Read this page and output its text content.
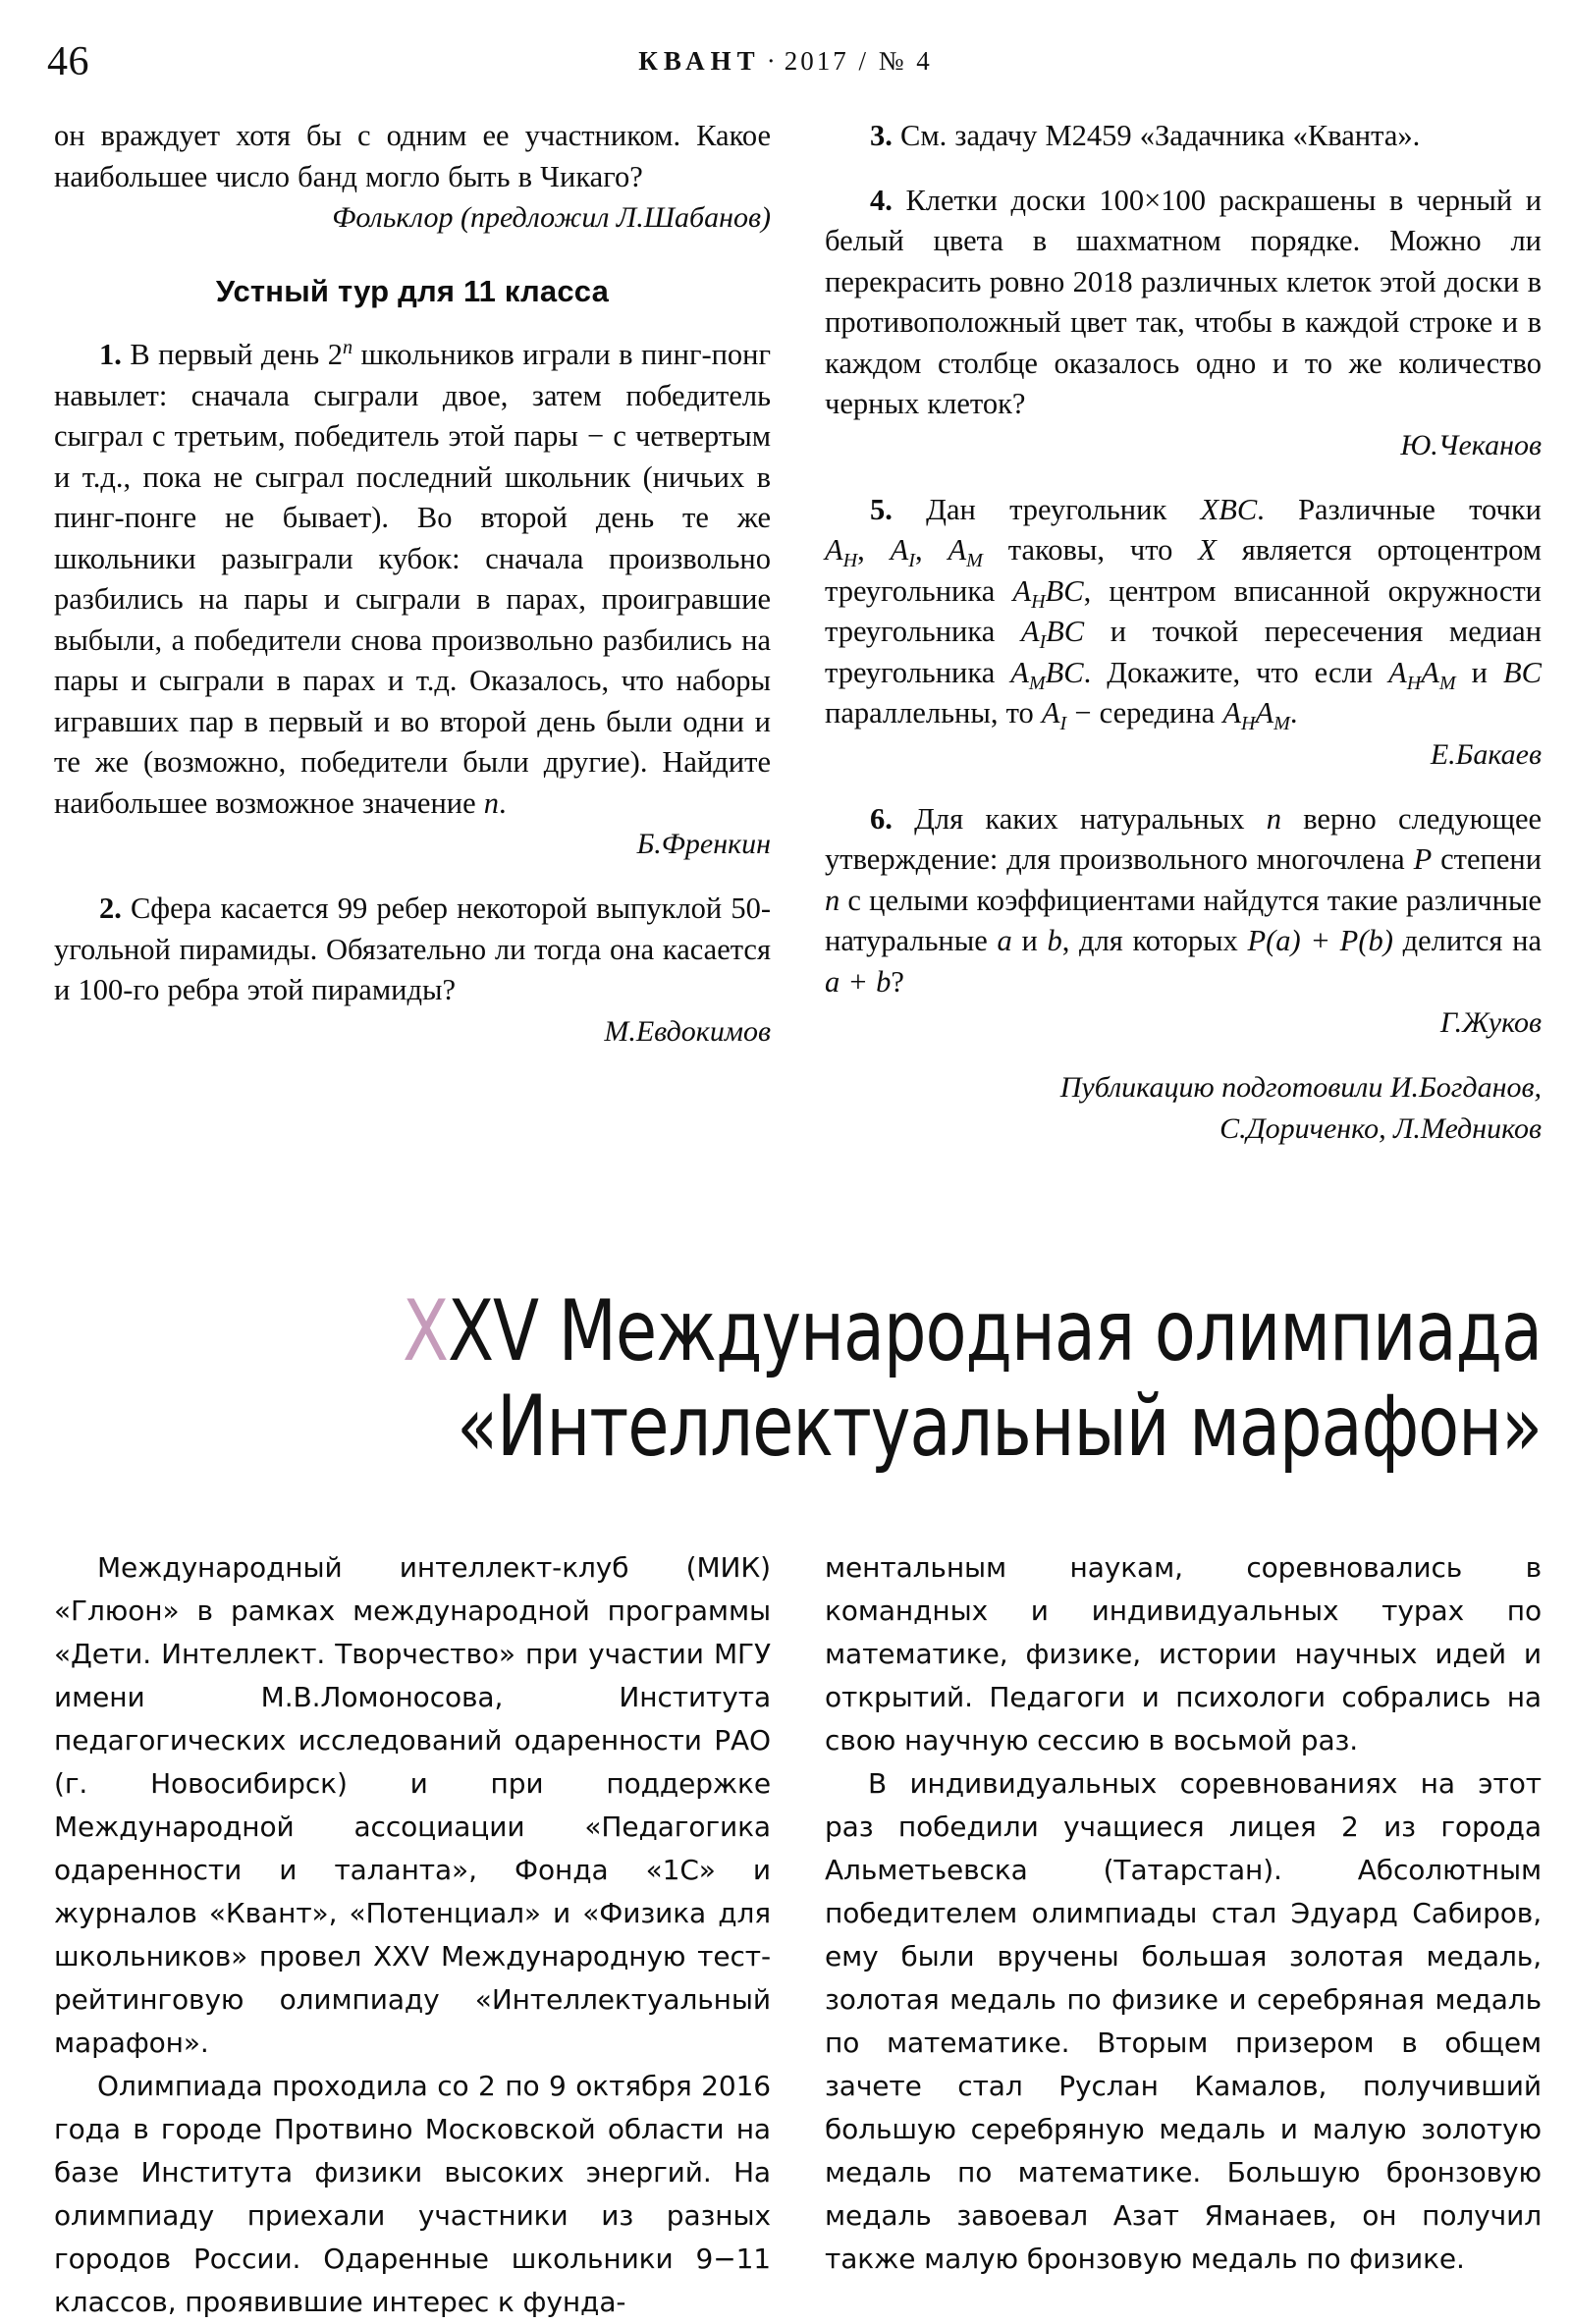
46	КВАНТ · 2017 / № 4

он враждует хотя бы с одним ее участником. Какое наибольшее число банд могло быть в Чикаго?

Фольклор (предложил Л.Шабанов)

Устный тур для 11 класса

1. В первый день 2$^n$ школьников играли в пинг-понг навылет: сначала сыграли двое, затем победитель сыграл с третьим, победитель этой пары − с четвертым и т.д., пока не сыграл последний школьник (ничьих в пинг-понге не бывает). Во второй день те же школьники разыграли кубок: сначала произвольно разбились на пары и сыграли в парах, проигравшие выбыли, а победители снова произвольно разбились на пары и сыграли в парах и т.д. Оказалось, что наборы игравших пар в первый и во второй день были одни и те же (возможно, победители были другие). Найдите наибольшее возможное значение n.

Б.Френкин

2. Сфера касается 99 ребер некоторой выпуклой 50-угольной пирамиды. Обязательно ли тогда она касается и 100-го ребра этой пирамиды?

М.Евдокимов

3. См. задачу М2459 «Задачника «Кванта».

4. Клетки доски 100×100 раскрашены в черный и белый цвета в шахматном порядке. Можно ли перекрасить ровно 2018 различных клеток этой доски в противоположный цвет так, чтобы в каждой строке и в каждом столбце оказалось одно и то же количество черных клеток?

Ю.Чеканов

5. Дан треугольник XBC. Различные точки $A_H$, $A_I$, $A_M$ таковы, что X является ортоцентром треугольника $A_HBC$, центром вписанной окружности треугольника $A_IBC$ и точкой пересечения медиан треугольника $A_MBC$. Докажите, что если $A_HA_M$ и BC параллельны, то $A_I$ − середина $A_HA_M$.

Е.Бакаев

6. Для каких натуральных n верно следующее утверждение: для произвольного многочлена P степени n с целыми коэффициентами найдутся такие различные натуральные a и b, для которых P(a) + P(b) делится на a + b?

Г.Жуков

Публикацию подготовили И.Богданов,

С.Дориченко, Л.Медников

XXV Международная олимпиада
«Интеллектуальный марафон»

Международный интеллект-клуб (МИК) «Глюон» в рамках международной программы «Дети. Интеллект. Творчество» при участии МГУ имени М.В.Ломоносова, Института педагогических исследований одаренности РАО (г. Новосибирск) и при поддержке Международной ассоциации «Педагогика одаренности и таланта», Фонда «1С» и журналов «Квант», «Потенциал» и «Физика для школьников» провел XXV Международную тест-рейтинговую олимпиаду «Интеллектуальный марафон».

Олимпиада проходила со 2 по 9 октября 2016 года в городе Протвино Московской области на базе Института физики высоких энергий. На олимпиаду приехали участники из разных городов России. Одаренные школьники 9−11 классов, проявившие интерес к фунда-

ментальным наукам, соревновались в командных и индивидуальных турах по математике, физике, истории научных идей и открытий. Педагоги и психологи собрались на свою научную сессию в восьмой раз.

В индивидуальных соревнованиях на этот раз победили учащиеся лицея 2 из города Альметьевска (Татарстан). Абсолютным победителем олимпиады стал Эдуард Сабиров, ему были вручены большая золотая медаль, золотая медаль по физике и серебряная медаль по математике. Вторым призером в общем зачете стал Руслан Камалов, получивший большую серебряную медаль и малую золотую медаль по математике. Большую бронзовую медаль завоевал Азат Яманаев, он получил также малую бронзовую медаль по физике.
